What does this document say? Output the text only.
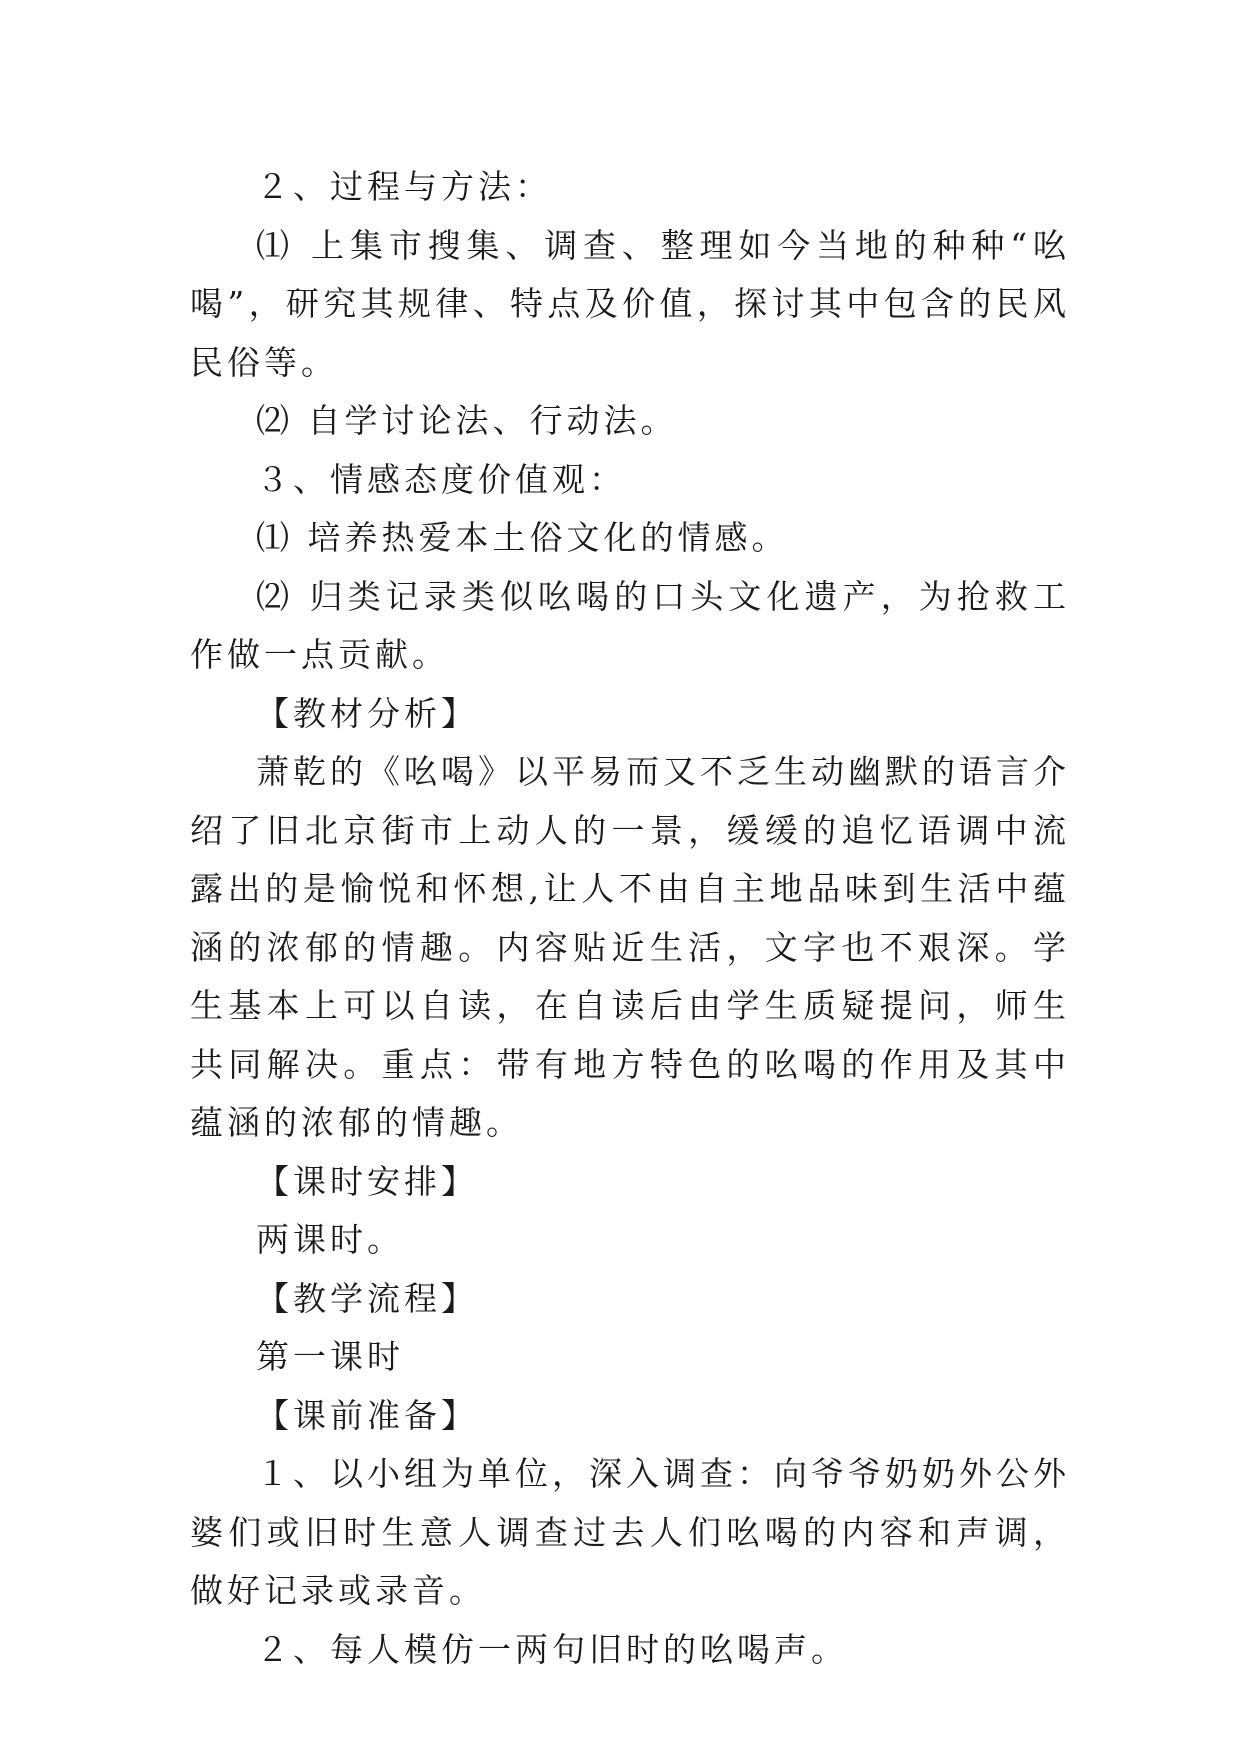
２、过程与方法：

⑴ 上集市搜集、调查、整理如今当地的种种“吆喝”，研究其规律、特点及价值，探讨其中包含的民风民俗等。

⑵ 自学讨论法、行动法。

３、情感态度价值观：

⑴ 培养热爱本土俗文化的情感。

⑵ 归类记录类似吆喝的口头文化遗产，为抢救工作做一点贡献。

【教材分析】

萧乾的《吆喝》以平易而又不乏生动幽默的语言介绍了旧北京街市上动人的一景，缓缓的追忆语调中流露出的是愉悦和怀想,让人不由自主地品味到生活中蕴涵的浓郁的情趣。内容贴近生活，文字也不艰深。学生基本上可以自读，在自读后由学生质疑提问，师生共同解决。重点：带有地方特色的吆喝的作用及其中蕴涵的浓郁的情趣。

【课时安排】

两课时。

【教学流程】

第一课时

【课前准备】

１、以小组为单位，深入调查：向爷爷奶奶外公外婆们或旧时生意人调查过去人们吆喝的内容和声调，做好记录或录音。

２、每人模仿一两句旧时的吆喝声。
